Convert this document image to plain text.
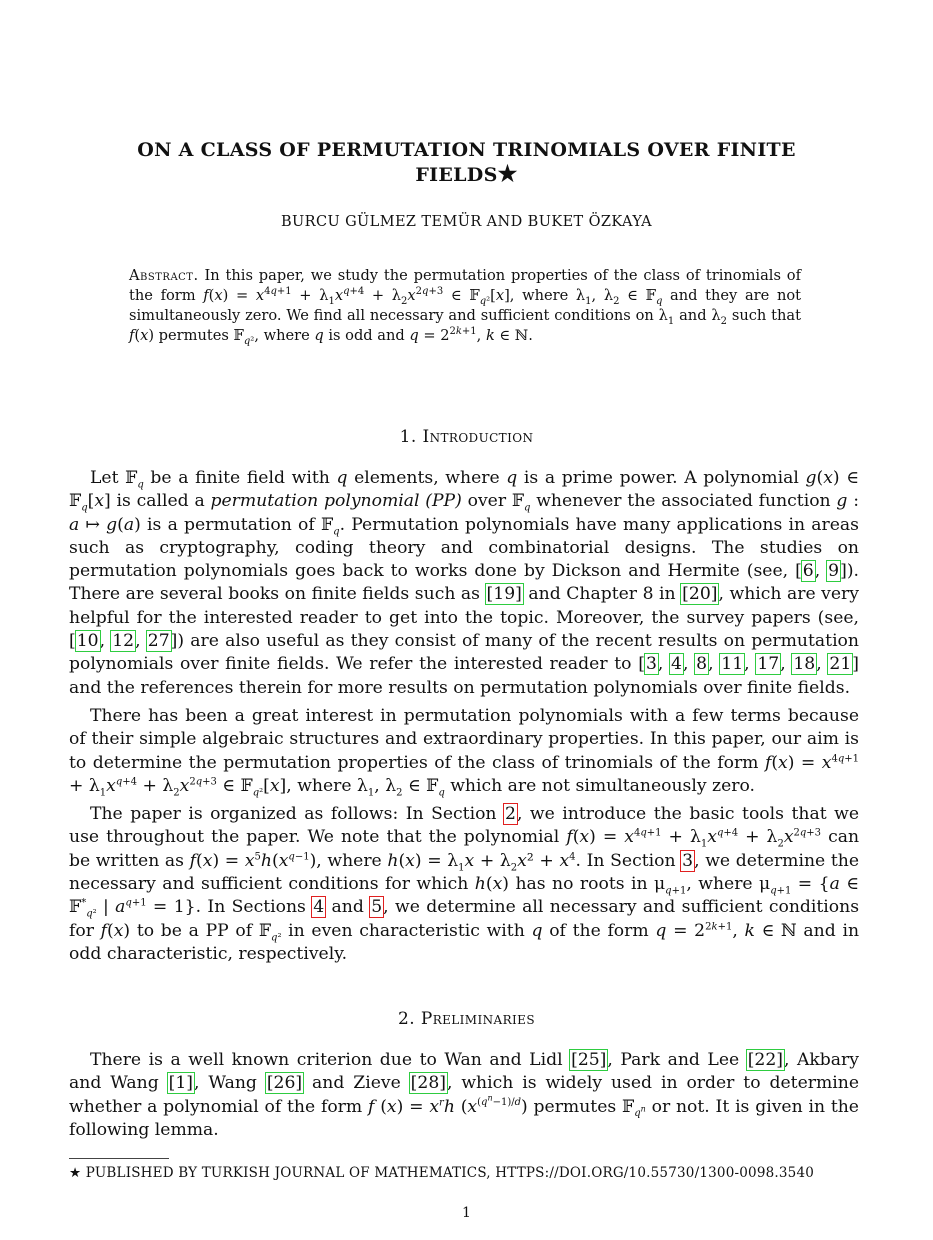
ON A CLASS OF PERMUTATION TRINOMIALS OVER FINITE
FIELDS★
BURCU GÜLMEZ TEMÜR AND BUKET ÖZKAYA
Abstract. In this paper, we study the permutation properties of the class of trinomials of the form $f(x) = x^{4q+1} + \lambda_1x^{q+4} + \lambda_2x^{2q+3}$ ∈ 𝔽$_{q^2}$[x], where $\lambda_1$, $\lambda_2$ ∈ 𝔽$_q$ and they are not simultaneously zero. We find all necessary and sufficient conditions on $\lambda_1$ and $\lambda_2$ such that f(x) permutes 𝔽$_{q^2}$, where q is odd and $q = 2^{2k+1}$, k ∈ ℕ.
1. Introduction

Let 𝔽$_q$ be a finite field with q elements, where q is a prime power. A polynomial g(x) ∈ 𝔽$_q$[x] is called a permutation polynomial (PP) over 𝔽$_q$ whenever the associated function g : a ↦ g(a) is a permutation of 𝔽$_q$. Permutation polynomials have many applications in areas such as cryptography, coding theory and combinatorial designs. The studies on permutation polynomials goes back to works done by Dickson and Hermite (see, [6, 9]). There are several books on finite fields such as [19] and Chapter 8 in [20], which are very helpful for the interested reader to get into the topic. Moreover, the survey papers (see, [10, 12, 27]) are also useful as they consist of many of the recent results on permutation polynomials over finite fields. We refer the interested reader to [3, 4, 8, 11, 17, 18, 21] and the references therein for more results on permutation polynomials over finite fields.

There has been a great interest in permutation polynomials with a few terms because of their simple algebraic structures and extraordinary properties. In this paper, our aim is to determine the permutation properties of the class of trinomials of the form $f(x) = x^{4q+1} + \lambda_1x^{q+4} + \lambda_2x^{2q+3}$ ∈ 𝔽$_{q^2}$[x], where $\lambda_1$, $\lambda_2$ ∈ 𝔽$_q$ which are not simultaneously zero.

The paper is organized as follows: In Section 2, we introduce the basic tools that we use throughout the paper. We note that the polynomial $f(x) = x^{4q+1} + \lambda_1x^{q+4} + \lambda_2x^{2q+3}$ can be written as $f(x) = x^5h(x^{q-1})$, where $h(x) = \lambda_1x + \lambda_2x^2 + x^4$. In Section 3, we determine the necessary and sufficient conditions for which h(x) has no roots in $\mu_{q+1}$, where $\mu_{q+1} = \{a$ ∈ 𝔽*$_{q^2}$ | $a^{q+1} = 1$}. In Sections 4 and 5, we determine all necessary and sufficient conditions for f(x) to be a PP of 𝔽$_{q^2}$ in even characteristic with q of the form $q = 2^{2k+1}$, k ∈ ℕ and in odd characteristic, respectively.

2. Preliminaries

There is a well known criterion due to Wan and Lidl [25], Park and Lee [22], Akbary and Wang [1], Wang [26] and Zieve [28], which is widely used in order to determine whether a polynomial of the form f $(x) = x^rh$ $(x^{(q^n-1)/d})$ permutes 𝔽$_{q^n}$ or not. It is given in the following lemma.

★ PUBLISHED BY TURKISH JOURNAL OF MATHEMATICS, HTTPS://DOI.ORG/10.55730/1300-0098.3540
1
